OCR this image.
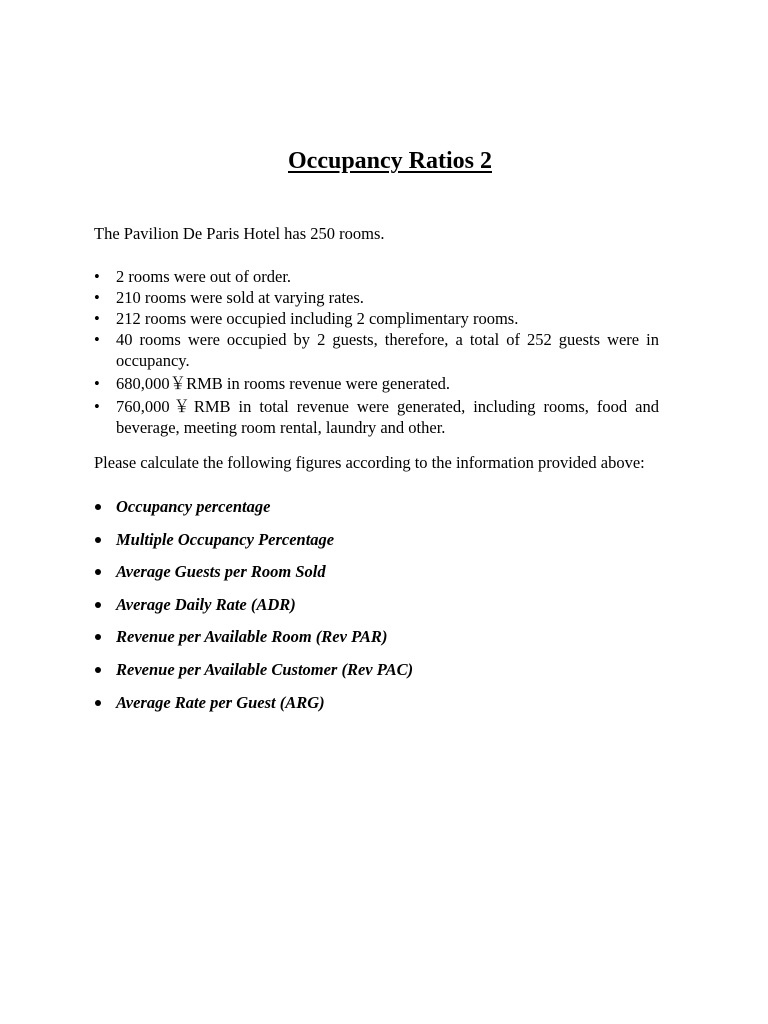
Occupancy Ratios 2

The Pavilion De Paris Hotel has 250 rooms.

• 2 rooms were out of order.
• 210 rooms were sold at varying rates.
• 212 rooms were occupied including 2 complimentary rooms.
• 40 rooms were occupied by 2 guests, therefore, a total of 252 guests were in occupancy.
• 680,000￥RMB in rooms revenue were generated.
• 760,000￥RMB in total revenue were generated, including rooms, food and beverage, meeting room rental, laundry and other.

Please calculate the following figures according to the information provided above:

Occupancy percentage
Multiple Occupancy Percentage
Average Guests per Room Sold
Average Daily Rate (ADR)
Revenue per Available Room (Rev PAR)
Revenue per Available Customer (Rev PAC)
Average Rate per Guest (ARG)
